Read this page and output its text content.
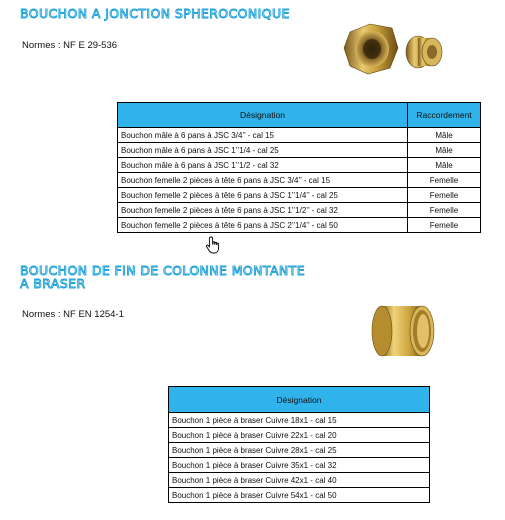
BOUCHON A JONCTION SPHEROCONIQUE
Normes : NF E 29-536
Désignation	Raccordement
Bouchon mâle à 6 pans à JSC 3/4’’ - cal 15	Mâle
Bouchon mâle à 6 pans à JSC 1’’1/4 - cal 25	Mâle
Bouchon mâle à 6 pans à JSC 1’’1/2 - cal 32	Mâle
Bouchon femelle 2 pièces à tête 6 pans à JSC 3/4’’ - cal 15	Femelle
Bouchon femelle 2 pièces à tête 6 pans à JSC 1’’1/4’’ - cal 25	Femelle
Bouchon femelle 2 pièces à tête 6 pans à JSC 1’’1/2’’ - cal 32	Femelle
Bouchon femelle 2 pièces à tête 6 pans à JSC 2’’1/4’’ - cal 50	Femelle
BOUCHON DE FIN DE COLONNE MONTANTE
A BRASER
Normes : NF EN 1254-1
Désignation
Bouchon 1 pièce à braser Cuivre 18x1 - cal 15
Bouchon 1 pièce à braser Cuivre 22x1 - cal 20
Bouchon 1 pièce à braser Cuivre 28x1 - cal 25
Bouchon 1 pièce à braser Cuivre 35x1 - cal 32
Bouchon 1 pièce à braser Cuivre 42x1 - cal 40
Bouchon 1 pièce à braser Cuivre 54x1 - cal 50
